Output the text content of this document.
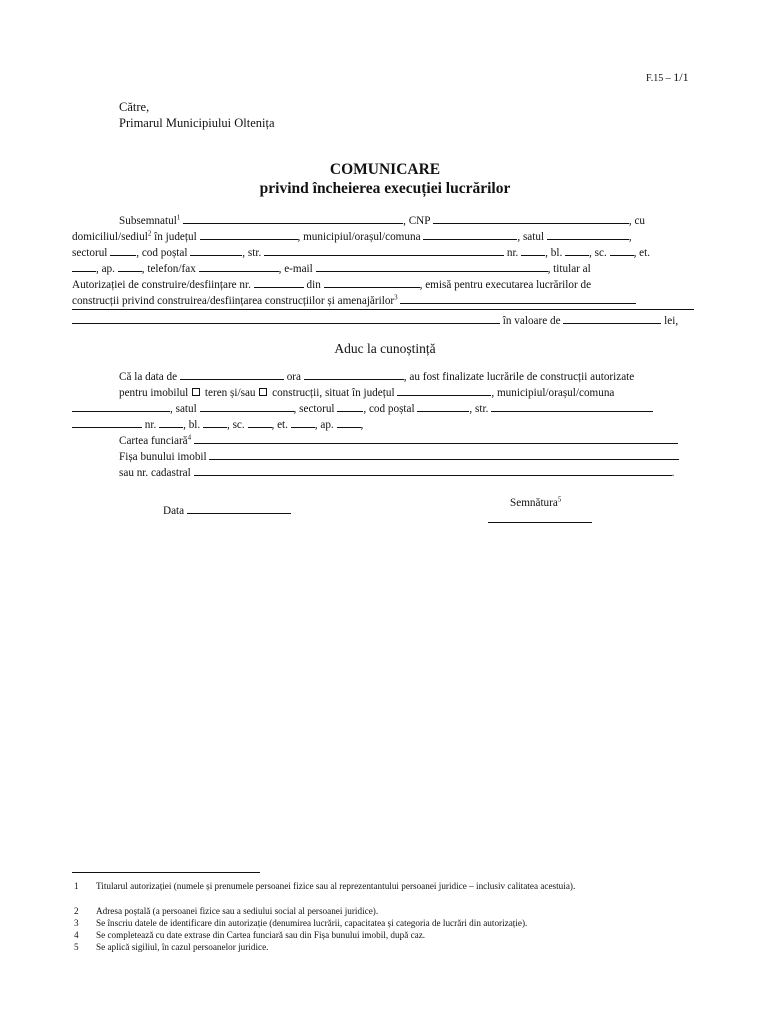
F.15 – 1/1
Către,
Primarul Municipiului Oltenița
COMUNICARE
privind încheierea execuției lucrărilor
Subsemnatul$^1$	, CNP	, cu
domiciliul/sediul$^2$ în județul	, municipiul/orașul/comuna	, satul	,
sectorul	, cod poștal	, str.	nr. , bl. , sc. , et.
, ap. , telefon/fax	, e-mail	, titular al
Autorizației de construire/desființare nr.	din	, emisă pentru executarea lucrărilor de
construcții privind construirea/desființarea construcțiilor și amenajărilor$^3$
în valoare de	lei,
Aduc la cunoștință
Că la data de	ora	, au fost finalizate lucrările de construcții autorizate
pentru imobilul teren și/sau construcții, situat în județul	, municipiul/orașul/comuna
, satul	, sectorul	, cod poștal	, str.
nr. , bl. , sc. , et. , ap. ,
Cartea funciară$^4$
Fișa bunului imobil
sau nr. cadastral	.
Data
Semnătura$^5$
1 Titularul autorizației (numele și prenumele persoanei fizice sau al reprezentantului persoanei juridice – inclusiv calitatea acestuia).
2 Adresa poștală (a persoanei fizice sau a sediului social al persoanei juridice).
3 Se înscriu datele de identificare din autorizație (denumirea lucrării, capacitatea și categoria de lucrări din autorizație).
4 Se completează cu date extrase din Cartea funciară sau din Fișa bunului imobil, după caz.
5 Se aplică sigiliul, în cazul persoanelor juridice.
